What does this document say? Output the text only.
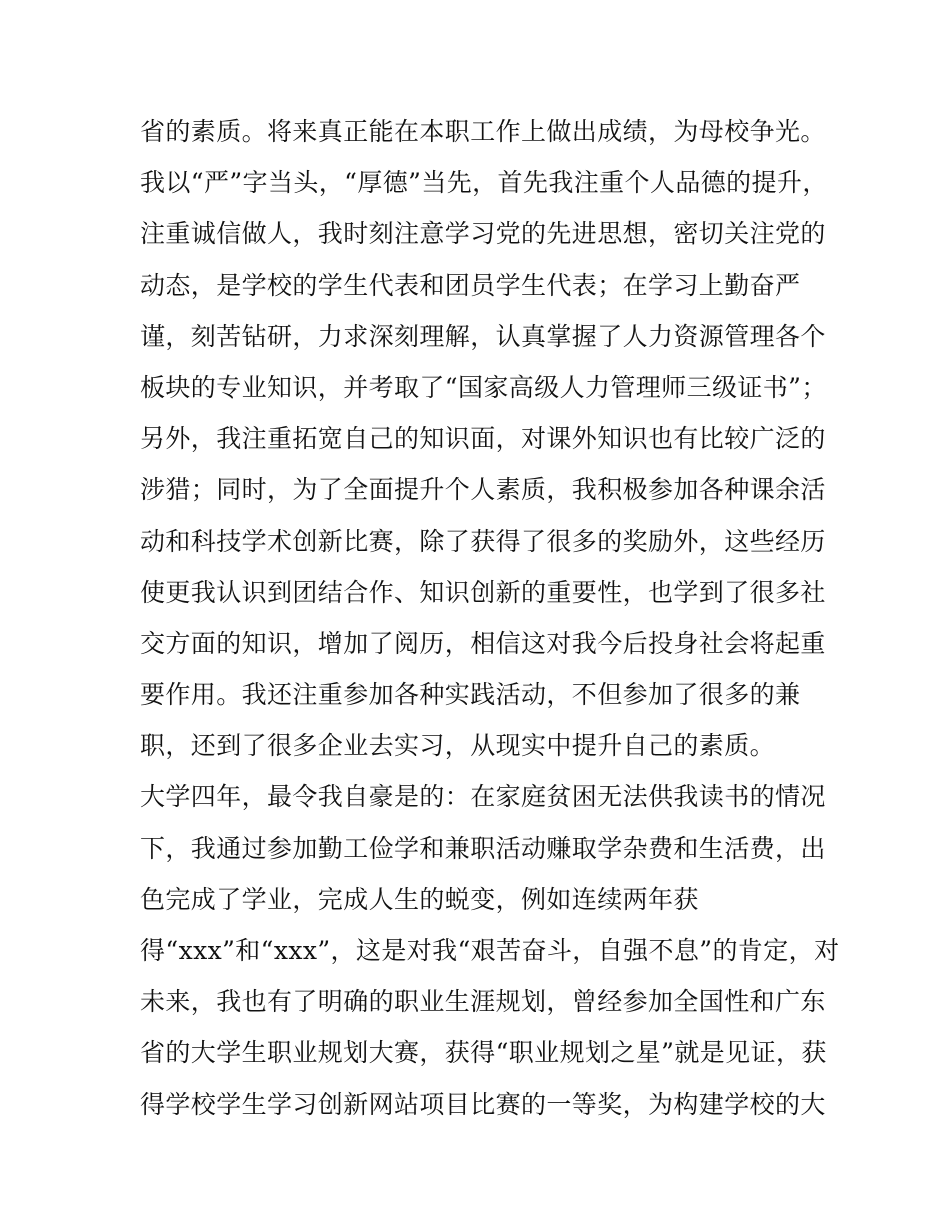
省的素质。将来真正能在本职工作上做出成绩，为母校争光。
我以“严”字当头，“厚德”当先，首先我注重个人品德的提升，
注重诚信做人，我时刻注意学习党的先进思想，密切关注党的
动态，是学校的学生代表和团员学生代表；在学习上勤奋严
谨，刻苦钻研，力求深刻理解，认真掌握了人力资源管理各个
板块的专业知识，并考取了“国家高级人力管理师三级证书”；
另外，我注重拓宽自己的知识面，对课外知识也有比较广泛的
涉猎；同时，为了全面提升个人素质，我积极参加各种课余活
动和科技学术创新比赛，除了获得了很多的奖励外，这些经历
使更我认识到团结合作、知识创新的重要性，也学到了很多社
交方面的知识，增加了阅历，相信这对我今后投身社会将起重
要作用。我还注重参加各种实践活动，不但参加了很多的兼
职，还到了很多企业去实习，从现实中提升自己的素质。
大学四年，最令我自豪是的：在家庭贫困无法供我读书的情况
下，我通过参加勤工俭学和兼职活动赚取学杂费和生活费，出
色完成了学业，完成人生的蜕变，例如连续两年获
得“xxx”和“xxx”，这是对我“艰苦奋斗，自强不息”的肯定，对
未来，我也有了明确的职业生涯规划，曾经参加全国性和广东
省的大学生职业规划大赛，获得“职业规划之星”就是见证，获
得学校学生学习创新网站项目比赛的一等奖，为构建学校的大
